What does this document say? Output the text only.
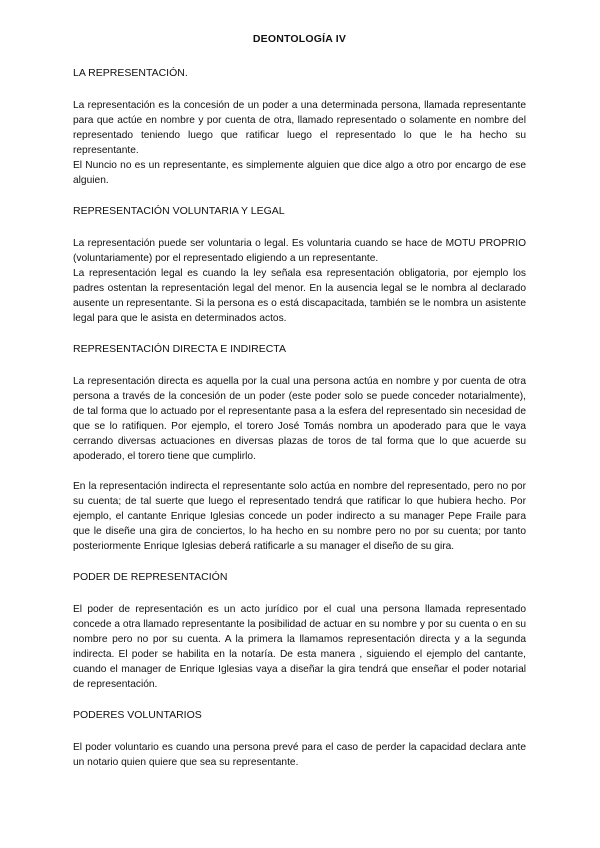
DEONTOLOGÍA IV
LA REPRESENTACIÓN.

La representación es la concesión de un poder a una determinada persona, llamada representante para que actúe en nombre y por cuenta de otra, llamado representado o solamente en nombre del representado teniendo luego que ratificar luego el representado lo que le ha hecho su representante.

El Nuncio no es un representante, es simplemente alguien que dice algo a otro por encargo de ese alguien.

REPRESENTACIÓN VOLUNTARIA Y LEGAL

La representación puede ser voluntaria o legal. Es voluntaria cuando se hace de MOTU PROPRIO (voluntariamente) por el representado eligiendo a un representante.

La representación legal es cuando la ley señala esa representación obligatoria, por ejemplo los padres ostentan la representación legal del menor. En la ausencia legal se le nombra al declarado ausente un representante. Si la persona es o está discapacitada, también se le nombra un asistente legal para que le asista en determinados actos.

REPRESENTACIÓN DIRECTA E INDIRECTA

La representación directa es aquella por la cual una persona actúa en nombre y por cuenta de otra persona a través de la concesión de un poder (este poder solo se puede conceder notarialmente), de tal forma que lo actuado por el representante pasa a la esfera del representado sin necesidad de que se lo ratifiquen. Por ejemplo, el torero José Tomás nombra un apoderado para que le vaya cerrando diversas actuaciones en diversas plazas de toros de tal forma que lo que acuerde su apoderado, el torero tiene que cumplirlo.

En la representación indirecta el representante solo actúa en nombre del representado, pero no por su cuenta; de tal suerte que luego el representado tendrá que ratificar lo que hubiera hecho. Por ejemplo, el cantante Enrique Iglesias concede un poder indirecto a su manager Pepe Fraile para que le diseñe una gira de conciertos, lo ha hecho en su nombre pero no por su cuenta; por tanto posteriormente Enrique Iglesias deberá ratificarle a su manager el diseño de su gira.

PODER DE REPRESENTACIÓN

El poder de representación es un acto jurídico por el cual una persona llamada representado concede a otra llamado representante la posibilidad de actuar en su nombre y por su cuenta o en su nombre pero no por su cuenta. A la primera la llamamos representación directa y a la segunda indirecta. El poder se habilita en la notaría. De esta manera , siguiendo el ejemplo del cantante, cuando el manager de Enrique Iglesias vaya a diseñar la gira tendrá que enseñar el poder notarial de representación.

PODERES VOLUNTARIOS

El poder voluntario es cuando una persona prevé para el caso de perder la capacidad declara ante un notario quien quiere que sea su representante.
